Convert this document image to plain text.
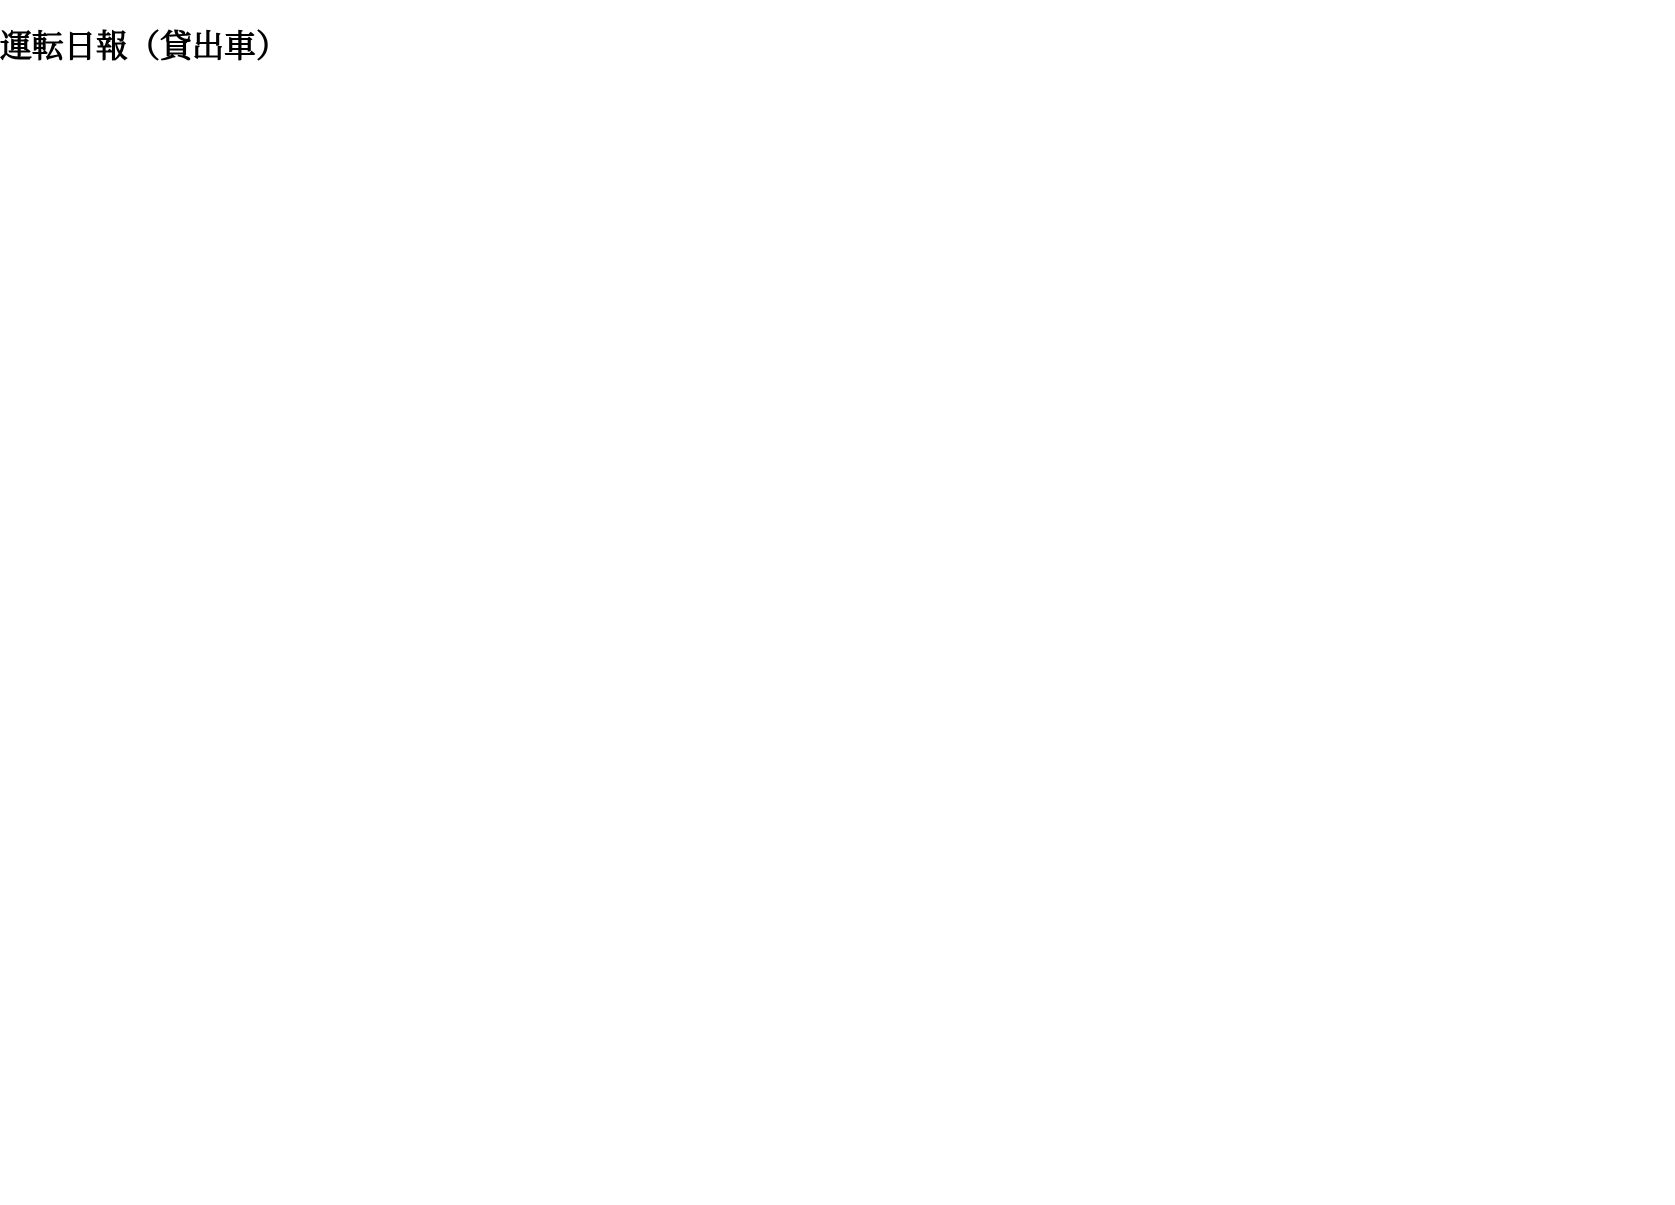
運転日報（貸出車）
